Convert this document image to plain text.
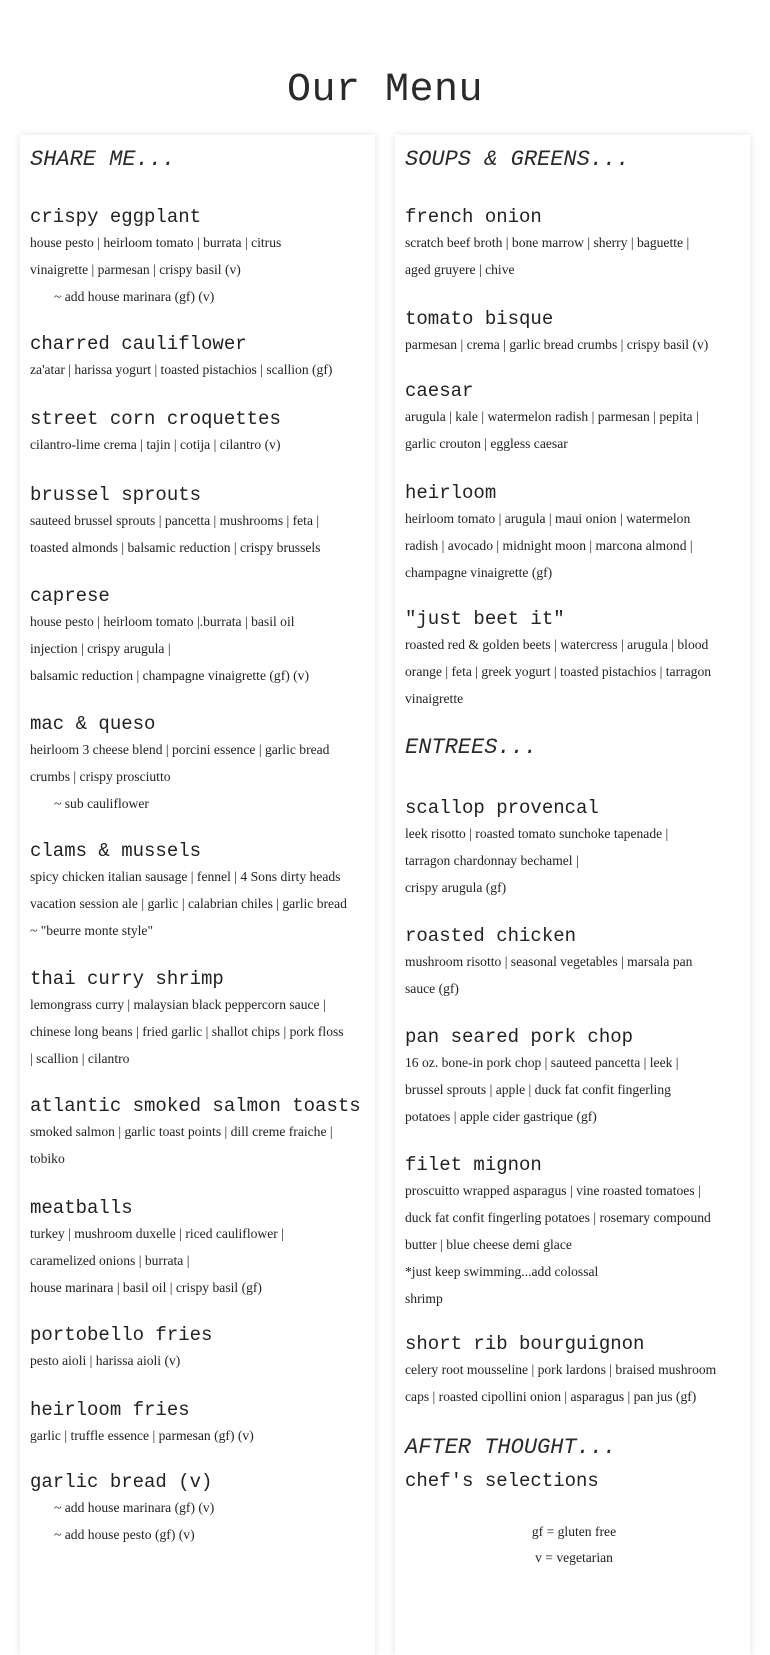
Our Menu
SHARE ME...
crispy eggplant
house pesto | heirloom tomato | burrata | citrus
vinaigrette | parmesan | crispy basil (v)
~ add house marinara (gf) (v)
charred cauliflower
za'atar | harissa yogurt | toasted pistachios | scallion (gf)
street corn croquettes
cilantro-lime crema | tajin | cotija | cilantro (v)
brussel sprouts
sauteed brussel sprouts | pancetta | mushrooms | feta |
toasted almonds | balsamic reduction | crispy brussels
caprese
house pesto | heirloom tomato |.burrata | basil oil
injection | crispy arugula |
balsamic reduction | champagne vinaigrette (gf) (v)
mac & queso
heirloom 3 cheese blend | porcini essence | garlic bread
crumbs | crispy prosciutto
~ sub cauliflower
clams & mussels
spicy chicken italian sausage | fennel | 4 Sons dirty heads
vacation session ale | garlic | calabrian chiles | garlic bread
~ "beurre monte style"
thai curry shrimp
lemongrass curry | malaysian black peppercorn sauce |
chinese long beans | fried garlic | shallot chips | pork floss
| scallion | cilantro
atlantic smoked salmon toasts
smoked salmon | garlic toast points | dill creme fraiche |
tobiko
meatballs
turkey | mushroom duxelle | riced cauliflower |
caramelized onions | burrata |
house marinara | basil oil | crispy basil (gf)
portobello fries
pesto aioli | harissa aioli (v)
heirloom fries
garlic | truffle essence | parmesan (gf) (v)
garlic bread (v)
~ add house marinara (gf) (v)
~ add house pesto (gf) (v)
SOUPS & GREENS...
french onion
scratch beef broth | bone marrow | sherry | baguette |
aged gruyere | chive
tomato bisque
parmesan | crema | garlic bread crumbs | crispy basil (v)
caesar
arugula | kale | watermelon radish | parmesan | pepita |
garlic crouton | eggless caesar
heirloom
heirloom tomato | arugula | maui onion | watermelon
radish | avocado | midnight moon | marcona almond |
champagne vinaigrette (gf)
"just beet it"
roasted red & golden beets | watercress | arugula | blood
orange | feta | greek yogurt | toasted pistachios | tarragon
vinaigrette
ENTREES...
scallop provencal
leek risotto | roasted tomato sunchoke tapenade |
tarragon chardonnay bechamel |
crispy arugula (gf)
roasted chicken
mushroom risotto | seasonal vegetables | marsala pan
sauce (gf)
pan seared pork chop
16 oz. bone-in pork chop | sauteed pancetta | leek |
brussel sprouts | apple | duck fat confit fingerling
potatoes | apple cider gastrique (gf)
filet mignon
proscuitto wrapped asparagus | vine roasted tomatoes |
duck fat confit fingerling potatoes | rosemary compound
butter | blue cheese demi glace
*just keep swimming...add colossal
shrimp
short rib bourguignon
celery root mousseline | pork lardons | braised mushroom
caps | roasted cipollini onion | asparagus | pan jus (gf)
AFTER THOUGHT...
chef's selections
gf = gluten free
v = vegetarian
